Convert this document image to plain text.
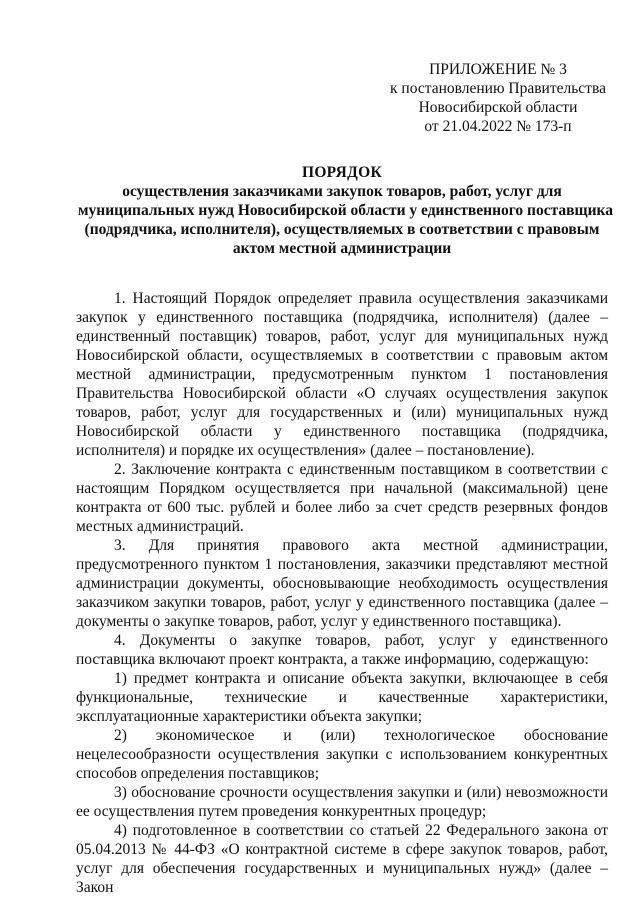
ПРИЛОЖЕНИЕ № 3
к постановлению Правительства
Новосибирской области
от 21.04.2022 № 173-п
ПОРЯДОК
осуществления заказчиками закупок товаров, работ, услуг для
муниципальных нужд Новосибирской области у единственного поставщика
(подрядчика, исполнителя), осуществляемых в соответствии с правовым
актом местной администрации

1. Настоящий Порядок определяет правила осуществления заказчиками закупок у единственного поставщика (подрядчика, исполнителя) (далее – единственный поставщик) товаров, работ, услуг для муниципальных нужд Новосибирской области, осуществляемых в соответствии с правовым актом местной администрации, предусмотренным пунктом 1 постановления Правительства Новосибирской области «О случаях осуществления закупок товаров, работ, услуг для государственных и (или) муниципальных нужд Новосибирской области у единственного поставщика (подрядчика, исполнителя) и порядке их осуществления» (далее – постановление).

2. Заключение контракта с единственным поставщиком в соответствии с настоящим Порядком осуществляется при начальной (максимальной) цене контракта от 600 тыс. рублей и более либо за счет средств резервных фондов местных администраций.

3. Для принятия правового акта местной администрации, предусмотренного пунктом 1 постановления, заказчики представляют местной администрации документы, обосновывающие необходимость осуществления заказчиком закупки товаров, работ, услуг у единственного поставщика (далее – документы о закупке товаров, работ, услуг у единственного поставщика).

4. Документы о закупке товаров, работ, услуг у единственного поставщика включают проект контракта, а также информацию, содержащую:

1) предмет контракта и описание объекта закупки, включающее в себя функциональные, технические и качественные характеристики, эксплуатационные характеристики объекта закупки;

2) экономическое и (или) технологическое обоснование нецелесообразности осуществления закупки с использованием конкурентных способов определения поставщиков;

3) обоснование срочности осуществления закупки и (или) невозможности ее осуществления путем проведения конкурентных процедур;

4) подготовленное в соответствии со статьей 22 Федерального закона от 05.04.2013 № 44-ФЗ «О контрактной системе в сфере закупок товаров, работ, услуг для обеспечения государственных и муниципальных нужд» (далее – Закон
